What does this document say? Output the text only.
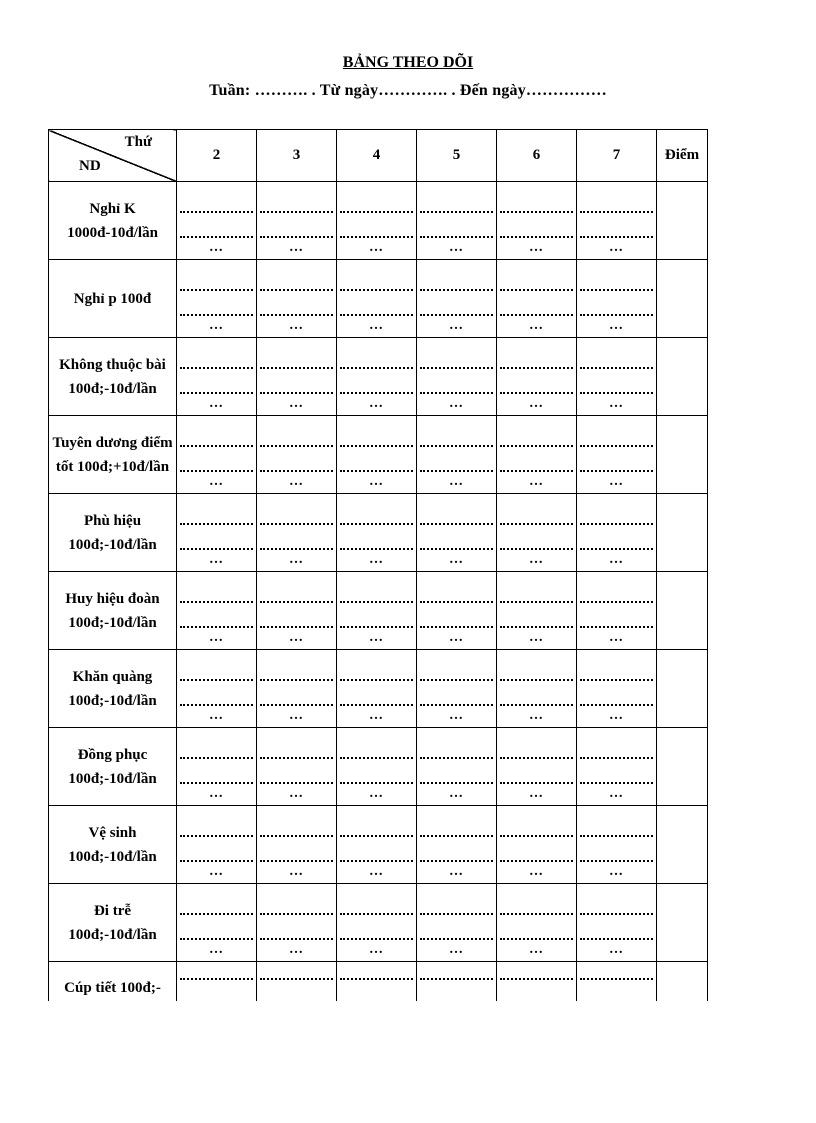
BẢNG THEO DÕI
Tuần: ………. . Từ ngày…………. . Đến ngày……………
Thứ
ND	2	3	4	5	6	7	Điểm
Nghỉ K 1000đ-10đ/lần	…	…	…	…	…	…	

Nghỉ p 100đ	…	…	…	…	…	…	

Không thuộc bài 100đ;-10đ/lần	…	…	…	…	…	…	

Tuyên dương điểm tốt 100đ;+10đ/lần	…	…	…	…	…	…	

Phù hiệu 100đ;-10đ/lần	…	…	…	…	…	…	

Huy hiệu đoàn 100đ;-10đ/lần	…	…	…	…	…	…	

Khăn quàng 100đ;-10đ/lần	…	…	…	…	…	…	

Đồng phục 100đ;-10đ/lần	…	…	…	…	…	…	

Vệ sinh 100đ;-10đ/lần	…	…	…	…	…	…	

Đi trễ 100đ;-10đ/lần	…	…	…	…	…	…	

Cúp tiết 100đ;-	
